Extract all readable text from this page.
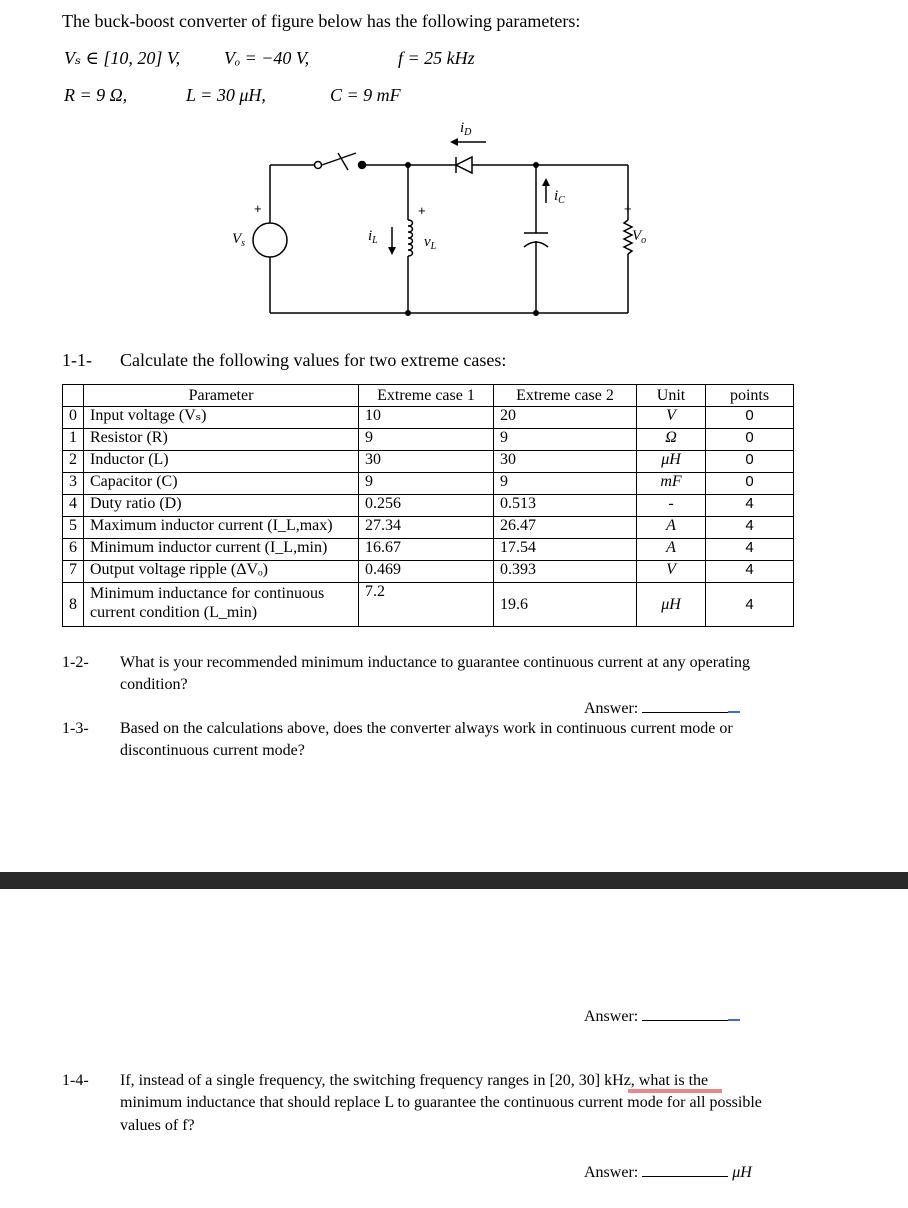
The buck-boost converter of figure below has the following parameters:
Vₛ ∈ [10, 20] V, Vₒ = −40 V,	f = 25 kHz
R = 9 Ω,	L = 30 μH,	C = 9 mF
$i_D$
$i_C$
$i_L$	$v_L$
$V_s$	$V_o$
+	+	+
1-1- Calculate the following values for two extreme cases:
	Parameter	Extreme case 1	Extreme case 2	Unit	points
0	Input voltage (Vₛ)	10	20	V	0
1	Resistor (R)	9	9	Ω	0
2	Inductor (L)	30	30	μH	0
3	Capacitor (C)	9	9	mF	0
4	Duty ratio (D)	0.256	0.513	-	4
5	Maximum inductor current (I_L,max)	27.34	26.47	A	4
6	Minimum inductor current (I_L,min)	16.67	17.54	A	4
7	Output voltage ripple (ΔVₒ)	0.469	0.393	V	4
8	Minimum inductance for continuous current condition (L_min)	7.2	19.6	μH	4
1-2- What is your recommended minimum inductance to guarantee continuous current at any operating
condition?
Answer:
1-3- Based on the calculations above, does the converter always work in continuous current mode or
discontinuous current mode?
Answer:
1-4- If, instead of a single frequency, the switching frequency ranges in [20, 30] kHz, what is the
minimum inductance that should replace L to guarantee the continuous current mode for all possible
values of f?
Answer:	μH
